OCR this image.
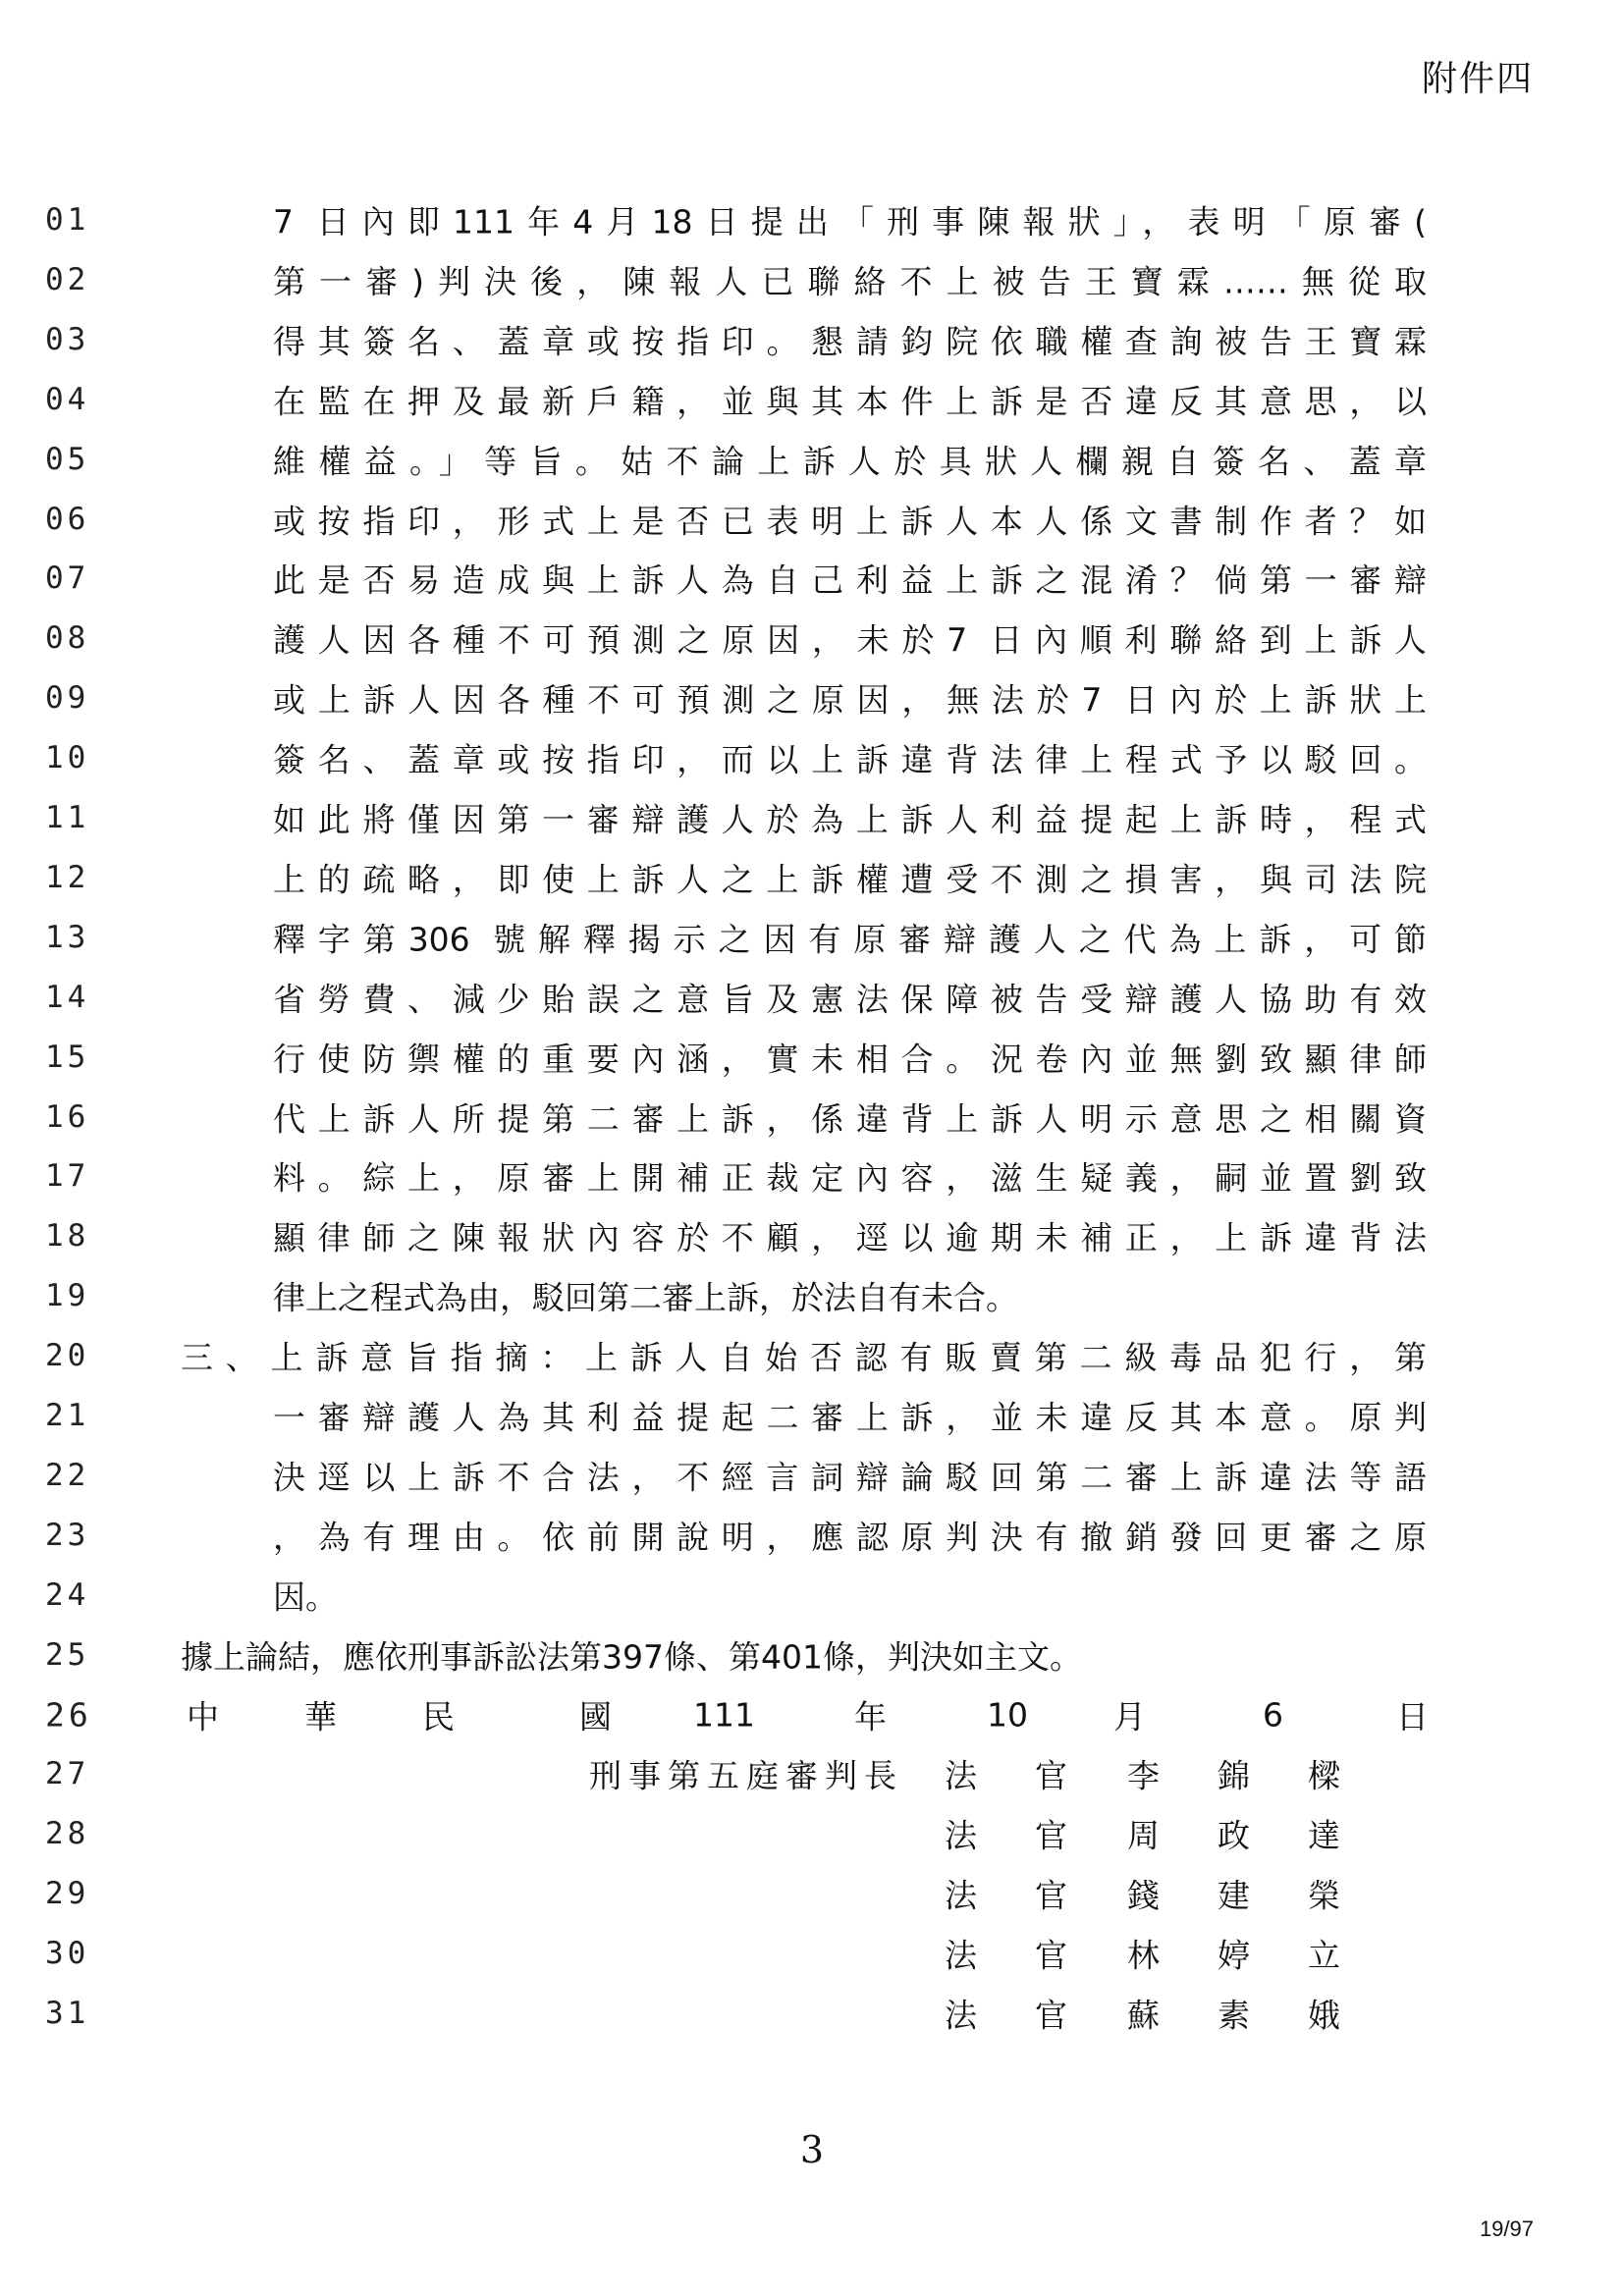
附件四
01	7 日內即111年4月18日提出「刑事陳報狀」，表明「原審(
02	第一審)判決後，陳報人已聯絡不上被告王寶霖……無從取
03	得其簽名、蓋章或按指印。懇請鈞院依職權查詢被告王寶霖
04	在監在押及最新戶籍，並與其本件上訴是否違反其意思，以
05	維權益。」等旨。姑不論上訴人於具狀人欄親自簽名、蓋章
06	或按指印，形式上是否已表明上訴人本人係文書制作者？如
07	此是否易造成與上訴人為自己利益上訴之混淆？倘第一審辯
08	護人因各種不可預測之原因，未於7 日內順利聯絡到上訴人
09	或上訴人因各種不可預測之原因，無法於7 日內於上訴狀上
10	簽名、蓋章或按指印，而以上訴違背法律上程式予以駁回。
11	如此將僅因第一審辯護人於為上訴人利益提起上訴時，程式
12	上的疏略，即使上訴人之上訴權遭受不測之損害，與司法院
13	釋字第306 號解釋揭示之因有原審辯護人之代為上訴，可節
14	省勞費、減少貽誤之意旨及憲法保障被告受辯護人協助有效
15	行使防禦權的重要內涵，實未相合。況卷內並無劉致顯律師
16	代上訴人所提第二審上訴，係違背上訴人明示意思之相關資
17	料。綜上，原審上開補正裁定內容，滋生疑義，嗣並置劉致
18	顯律師之陳報狀內容於不顧，逕以逾期未補正，上訴違背法
19	律上之程式為由，駁回第二審上訴，於法自有未合。
20	三、上訴意旨指摘：上訴人自始否認有販賣第二級毒品犯行，第
21	一審辯護人為其利益提起二審上訴，並未違反其本意。原判
22	決逕以上訴不合法，不經言詞辯論駁回第二審上訴違法等語
23	，為有理由。依前開說明，應認原判決有撤銷發回更審之原
24	因。
25	據上論結，應依刑事訴訟法第397條、第401條，判決如主文。
26	中	華	民	國	111	年	10	月	6	日
27	刑事第五庭審判長 法 官	李 錦 樑
28	法 官	周 政 達
29	法 官	錢 建 榮
30	法 官	林 婷 立
31	法 官	蘇 素 娥
3
19/97
